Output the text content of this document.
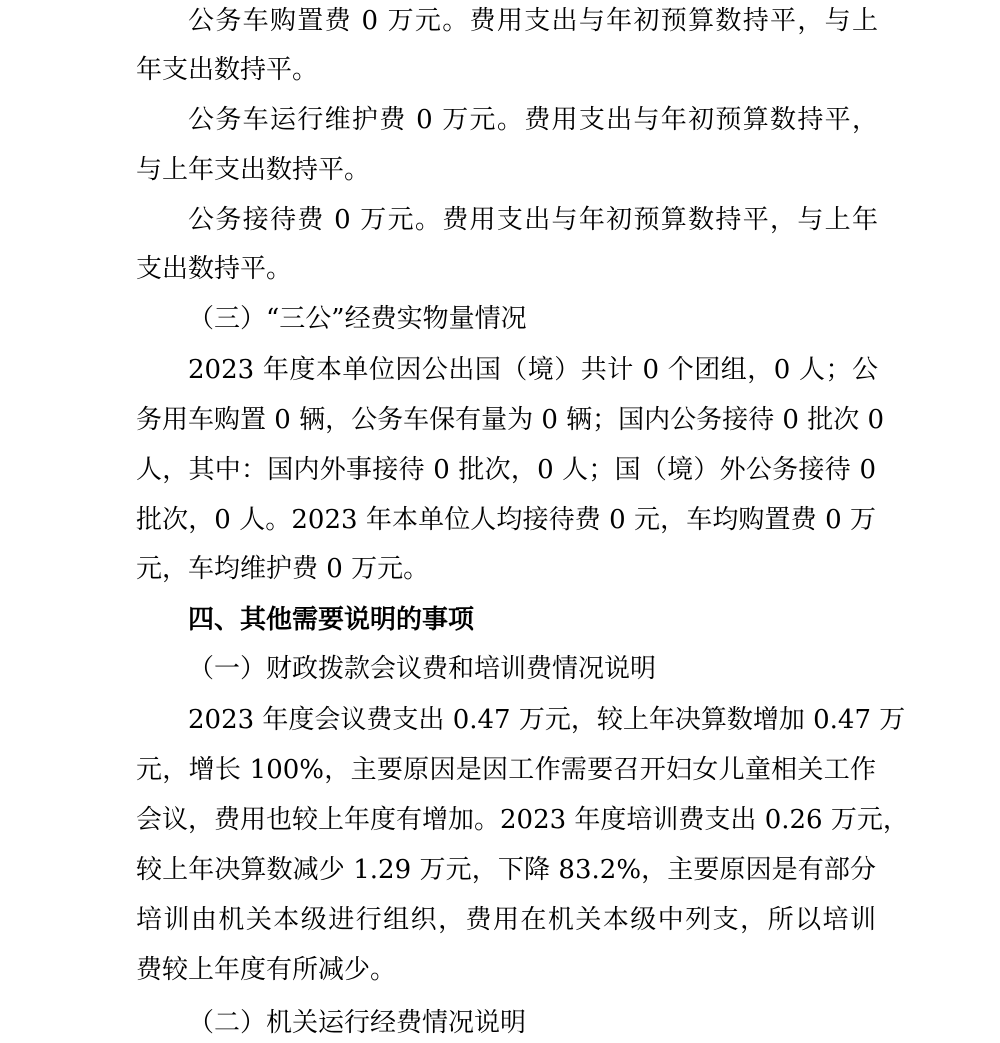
公务车购置费 0 万元。费用支出与年初预算数持平，与上
年支出数持平。
公务车运行维护费 0 万元。费用支出与年初预算数持平，
与上年支出数持平。
公务接待费 0 万元。费用支出与年初预算数持平，与上年
支出数持平。
（三）“三公”经费实物量情况
2023 年度本单位因公出国（境）共计 0 个团组，0 人；公
务用车购置 0 辆，公务车保有量为 0 辆；国内公务接待 0 批次 0
人，其中：国内外事接待 0 批次，0 人；国（境）外公务接待 0
批次，0 人。2023 年本单位人均接待费 0 元，车均购置费 0 万
元，车均维护费 0 万元。
四、其他需要说明的事项
（一）财政拨款会议费和培训费情况说明
2023 年度会议费支出 0.47 万元，较上年决算数增加 0.47 万
元，增长 100%，主要原因是因工作需要召开妇女儿童相关工作
会议，费用也较上年度有增加。2023 年度培训费支出 0.26 万元，
较上年决算数减少 1.29 万元，下降 83.2%，主要原因是有部分
培训由机关本级进行组织，费用在机关本级中列支，所以培训
费较上年度有所减少。
（二）机关运行经费情况说明
